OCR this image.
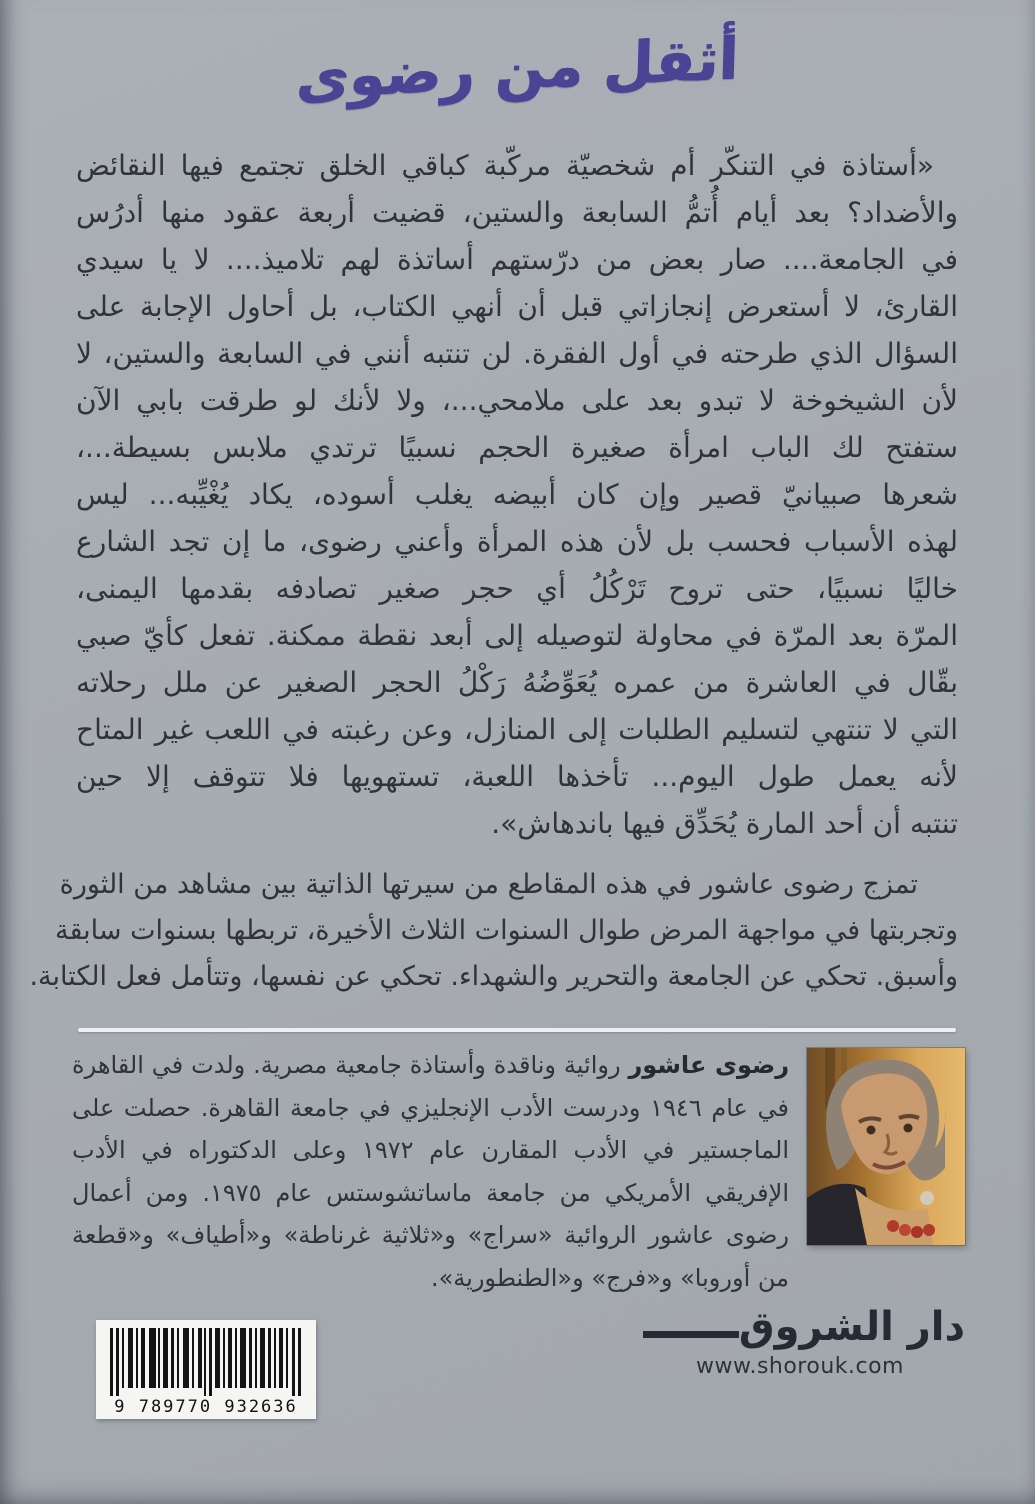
أثقل من رضوى
«أستاذة في التنكّر أم شخصيّة مركّبة كباقي الخلق تجتمع فيها النقائض
والأضداد؟ بعد أيام أُتمُّ السابعة والستين، قضيت أربعة عقود منها أدرُس
في الجامعة.... صار بعض من درّستهم أساتذة لهم تلاميذ.... لا يا سيدي
القارئ، لا أستعرض إنجازاتي قبل أن أنهي الكتاب، بل أحاول الإجابة على
السؤال الذي طرحته في أول الفقرة. لن تنتبه أنني في السابعة والستين، لا
لأن الشيخوخة لا تبدو بعد على ملامحي...، ولا لأنك لو طرقت بابي الآن
ستفتح لك الباب امرأة صغيرة الحجم نسبيًا ترتدي ملابس بسيطة...،
شعرها صبيانيّ قصير وإن كان أبيضه يغلب أسوده، يكاد يُغْيِّبه... ليس
لهذه الأسباب فحسب بل لأن هذه المرأة وأعني رضوى، ما إن تجد الشارع
خاليًا نسبيًا، حتى تروح تَرْكُلُ أي حجر صغير تصادفه بقدمها اليمنى،
المرّة بعد المرّة في محاولة لتوصيله إلى أبعد نقطة ممكنة. تفعل كأيّ صبي
بقّال في العاشرة من عمره يُعَوِّضُهُ رَكْلُ الحجر الصغير عن ملل رحلاته
التي لا تنتهي لتسليم الطلبات إلى المنازل، وعن رغبته في اللعب غير المتاح
لأنه يعمل طول اليوم... تأخذها اللعبة، تستهويها فلا تتوقف إلا حين
تنتبه أن أحد المارة يُحَدِّق فيها باندهاش».
تمزج رضوى عاشور في هذه المقاطع من سيرتها الذاتية بين مشاهد من الثورة
وتجربتها في مواجهة المرض طوال السنوات الثلاث الأخيرة، تربطها بسنوات سابقة
وأسبق. تحكي عن الجامعة والتحرير والشهداء. تحكي عن نفسها، وتتأمل فعل الكتابة.

رضوى عاشور روائية وناقدة وأستاذة جامعية مصرية. ولدت في القاهرة في عام ١٩٤٦ ودرست الأدب الإنجليزي في جامعة القاهرة. حصلت على الماجستير في الأدب المقارن عام ١٩٧٢ وعلى الدكتوراه في الأدب الإفريقي الأمريكي من جامعة ماساتشوستس عام ١٩٧٥. ومن أعمال رضوى عاشور الروائية «سراج» و«ثلاثية غرناطة» و«أطياف» و«قطعة من أوروبا» و«فرج» و«الطنطورية».

دار الشروق
www.shorouk.com
9 789770 932636
